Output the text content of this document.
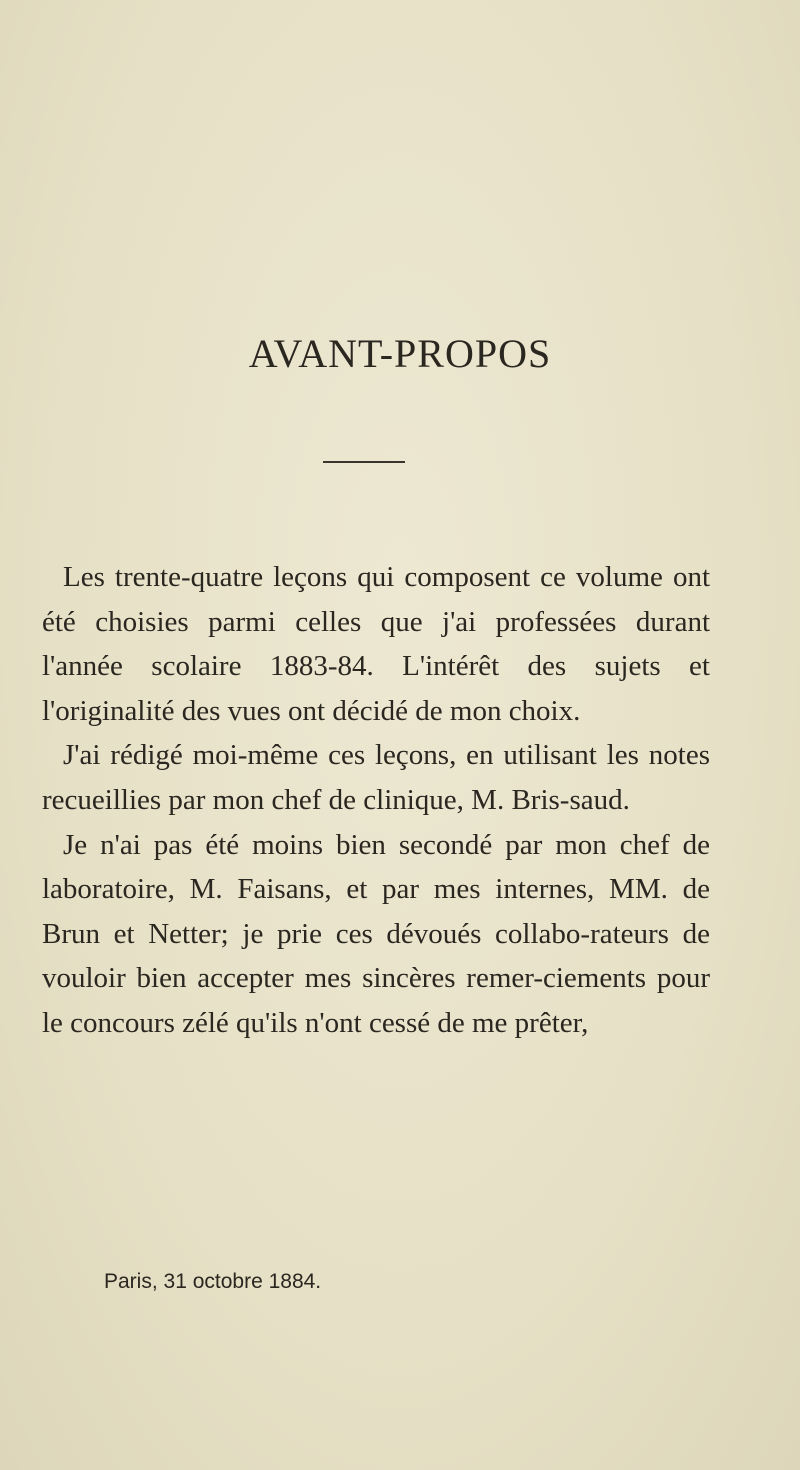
AVANT-PROPOS

Les trente-quatre leçons qui composent ce volume ont été choisies parmi celles que j'ai professées durant l'année scolaire 1883-84. L'intérêt des sujets et l'originalité des vues ont décidé de mon choix.

J'ai rédigé moi-même ces leçons, en utilisant les notes recueillies par mon chef de clinique, M. Bris-saud.

Je n'ai pas été moins bien secondé par mon chef de laboratoire, M. Faisans, et par mes internes, MM. de Brun et Netter; je prie ces dévoués collabo-rateurs de vouloir bien accepter mes sincères remer-ciements pour le concours zélé qu'ils n'ont cessé de me prêter,

Paris, 31 octobre 1884.
